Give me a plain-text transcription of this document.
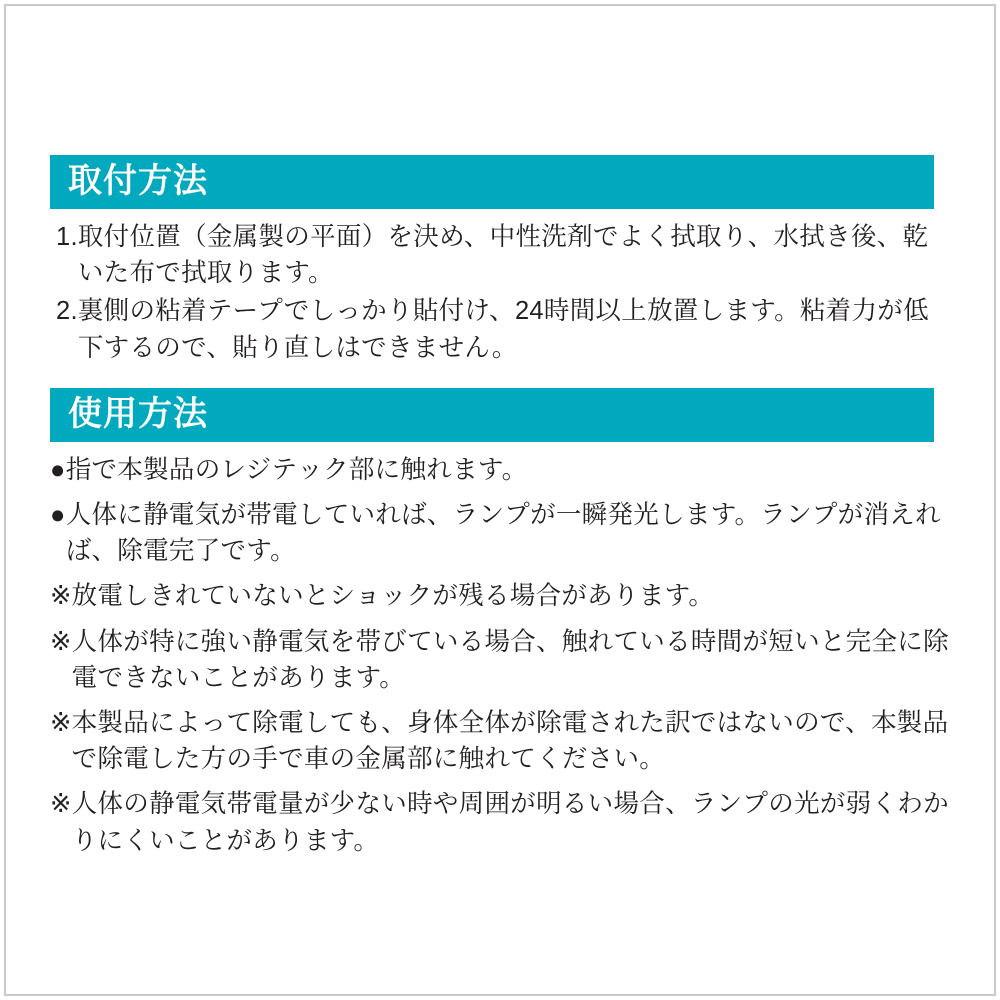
取付方法
1. 取付位置（金属製の平面）を決め、中性洗剤でよく拭取り、水拭き後、乾いた布で拭取ります。
2. 裏側の粘着テープでしっかり貼付け、24時間以上放置します。粘着力が低下するので、貼り直しはできません。
使用方法
● 指で本製品のレジテック部に触れます。
● 人体に静電気が帯電していれば、ランプが一瞬発光します。ランプが消えれば、除電完了です。
※ 放電しきれていないとショックが残る場合があります。
※ 人体が特に強い静電気を帯びている場合、触れている時間が短いと完全に除電できないことがあります。
※ 本製品によって除電しても、身体全体が除電された訳ではないので、本製品で除電した方の手で車の金属部に触れてください。
※ 人体の静電気帯電量が少ない時や周囲が明るい場合、ランプの光が弱くわかりにくいことがあります。
